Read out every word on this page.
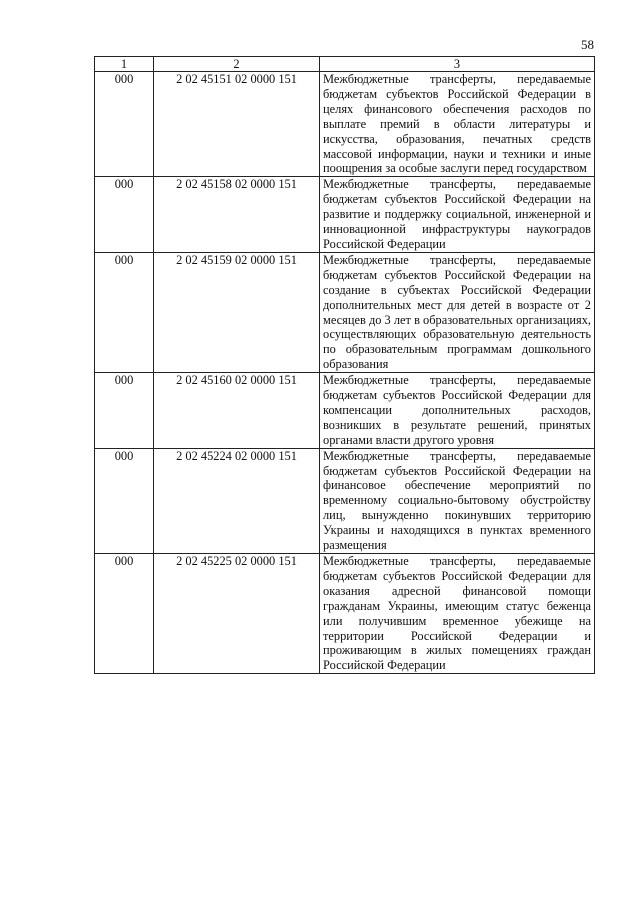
58
1	2	3
000	2 02 45151 02 0000 151	Межбюджетные трансферты, передаваемые бюджетам субъектов Российской Федерации в целях финансового обеспечения расходов по выплате премий в области литературы и искусства, образования, печатных средств массовой информации, науки и техники и иные поощрения за особые заслуги перед государством
000	2 02 45158 02 0000 151	Межбюджетные трансферты, передаваемые бюджетам субъектов Российской Федерации на развитие и поддержку социальной, инженерной и инновационной инфраструктуры наукоградов Российской Федерации
000	2 02 45159 02 0000 151	Межбюджетные трансферты, передаваемые бюджетам субъектов Российской Федерации на создание в субъектах Российской Федерации дополнительных мест для детей в возрасте от 2 месяцев до 3 лет в образовательных организациях, осуществляющих образовательную деятельность по образовательным программам дошкольного образования
000	2 02 45160 02 0000 151	Межбюджетные трансферты, передаваемые бюджетам субъектов Российской Федерации для компенсации дополнительных расходов, возникших в результате решений, принятых органами власти другого уровня
000	2 02 45224 02 0000 151	Межбюджетные трансферты, передаваемые бюджетам субъектов Российской Федерации на финансовое обеспечение мероприятий по временному социально-бытовому обустройству лиц, вынужденно покинувших территорию Украины и находящихся в пунктах временного размещения
000	2 02 45225 02 0000 151	Межбюджетные трансферты, передаваемые бюджетам субъектов Российской Федерации для оказания адресной финансовой помощи гражданам Украины, имеющим статус беженца или получившим временное убежище на территории Российской Федерации и проживающим в жилых помещениях граждан Российской Федерации
